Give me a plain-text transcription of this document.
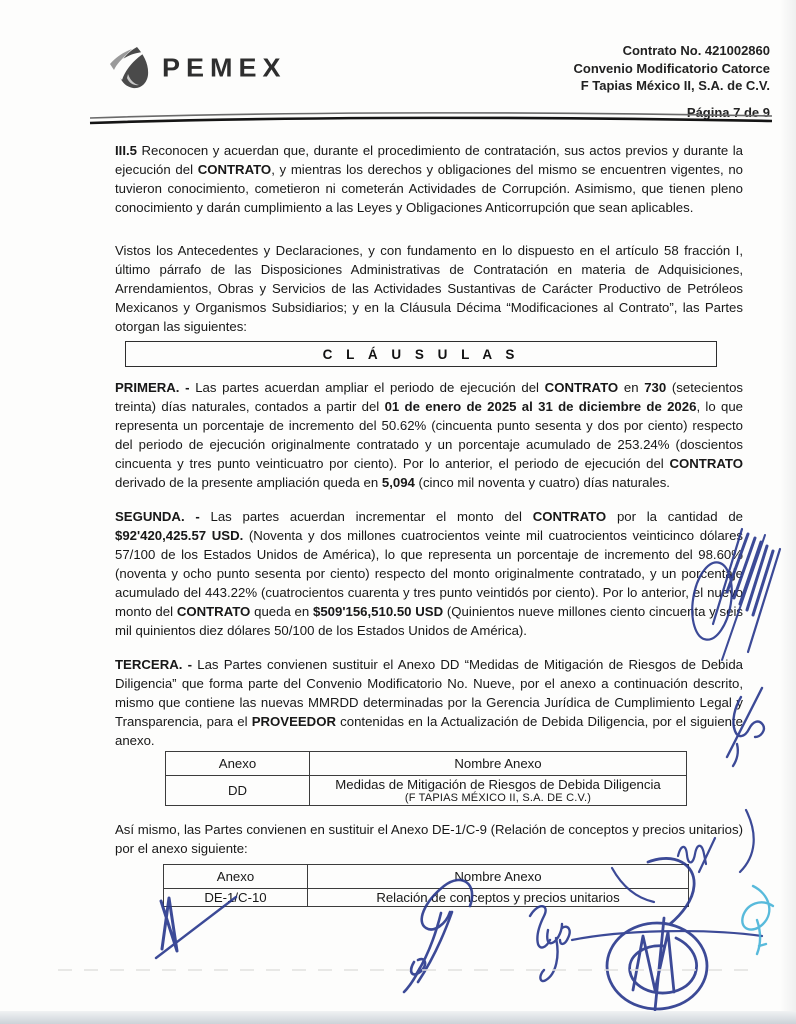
PEMEX
Contrato No. 421002860
Convenio Modificatorio Catorce
F Tapias México II, S.A. de C.V.
Página 7 de 9

III.5 Reconocen y acuerdan que, durante el procedimiento de contratación, sus actos previos y durante la ejecución del CONTRATO, y mientras los derechos y obligaciones del mismo se encuentren vigentes, no tuvieron conocimiento, cometieron ni cometerán Actividades de Corrupción. Asimismo, que tienen pleno conocimiento y darán cumplimiento a las Leyes y Obligaciones Anticorrupción que sean aplicables.

Vistos los Antecedentes y Declaraciones, y con fundamento en lo dispuesto en el artículo 58 fracción I, último párrafo de las Disposiciones Administrativas de Contratación en materia de Adquisiciones, Arrendamientos, Obras y Servicios de las Actividades Sustantivas de Carácter Productivo de Petróleos Mexicanos y Organismos Subsidiarios; y en la Cláusula Décima “Modificaciones al Contrato”, las Partes otorgan las siguientes:

C L Á U S U L A S

PRIMERA. - Las partes acuerdan ampliar el periodo de ejecución del CONTRATO en 730 (setecientos treinta) días naturales, contados a partir del 01 de enero de 2025 al 31 de diciembre de 2026, lo que representa un porcentaje de incremento del 50.62% (cincuenta punto sesenta y dos por ciento) respecto del periodo de ejecución originalmente contratado y un porcentaje acumulado de 253.24% (doscientos cincuenta y tres punto veinticuatro por ciento). Por lo anterior, el periodo de ejecución del CONTRATO derivado de la presente ampliación queda en 5,094 (cinco mil noventa y cuatro) días naturales.

SEGUNDA. - Las partes acuerdan incrementar el monto del CONTRATO por la cantidad de $92'420,425.57 USD. (Noventa y dos millones cuatrocientos veinte mil cuatrocientos veinticinco dólares 57/100 de los Estados Unidos de América), lo que representa un porcentaje de incremento del 98.60% (noventa y ocho punto sesenta por ciento) respecto del monto originalmente contratado, y un porcentaje acumulado del 443.22% (cuatrocientos cuarenta y tres punto veintidós por ciento). Por lo anterior, el nuevo monto del CONTRATO queda en $509'156,510.50 USD (Quinientos nueve millones ciento cincuenta y seis mil quinientos diez dólares 50/100 de los Estados Unidos de América).

TERCERA. - Las Partes convienen sustituir el Anexo DD “Medidas de Mitigación de Riesgos de Debida Diligencia” que forma parte del Convenio Modificatorio No. Nueve, por el anexo a continuación descrito, mismo que contiene las nuevas MMRDD determinadas por la Gerencia Jurídica de Cumplimiento Legal y Transparencia, para el PROVEEDOR contenidas en la Actualización de Debida Diligencia, por el siguiente anexo.

Anexo	Nombre Anexo
DD	Medidas de Mitigación de Riesgos de Debida Diligencia
(F TAPIAS MÉXICO II, S.A. DE C.V.)

Así mismo, las Partes convienen en sustituir el Anexo DE-1/C-9 (Relación de conceptos y precios unitarios) por el anexo siguiente:

Anexo	Nombre Anexo
DE-1/C-10	Relación de conceptos y precios unitarios
